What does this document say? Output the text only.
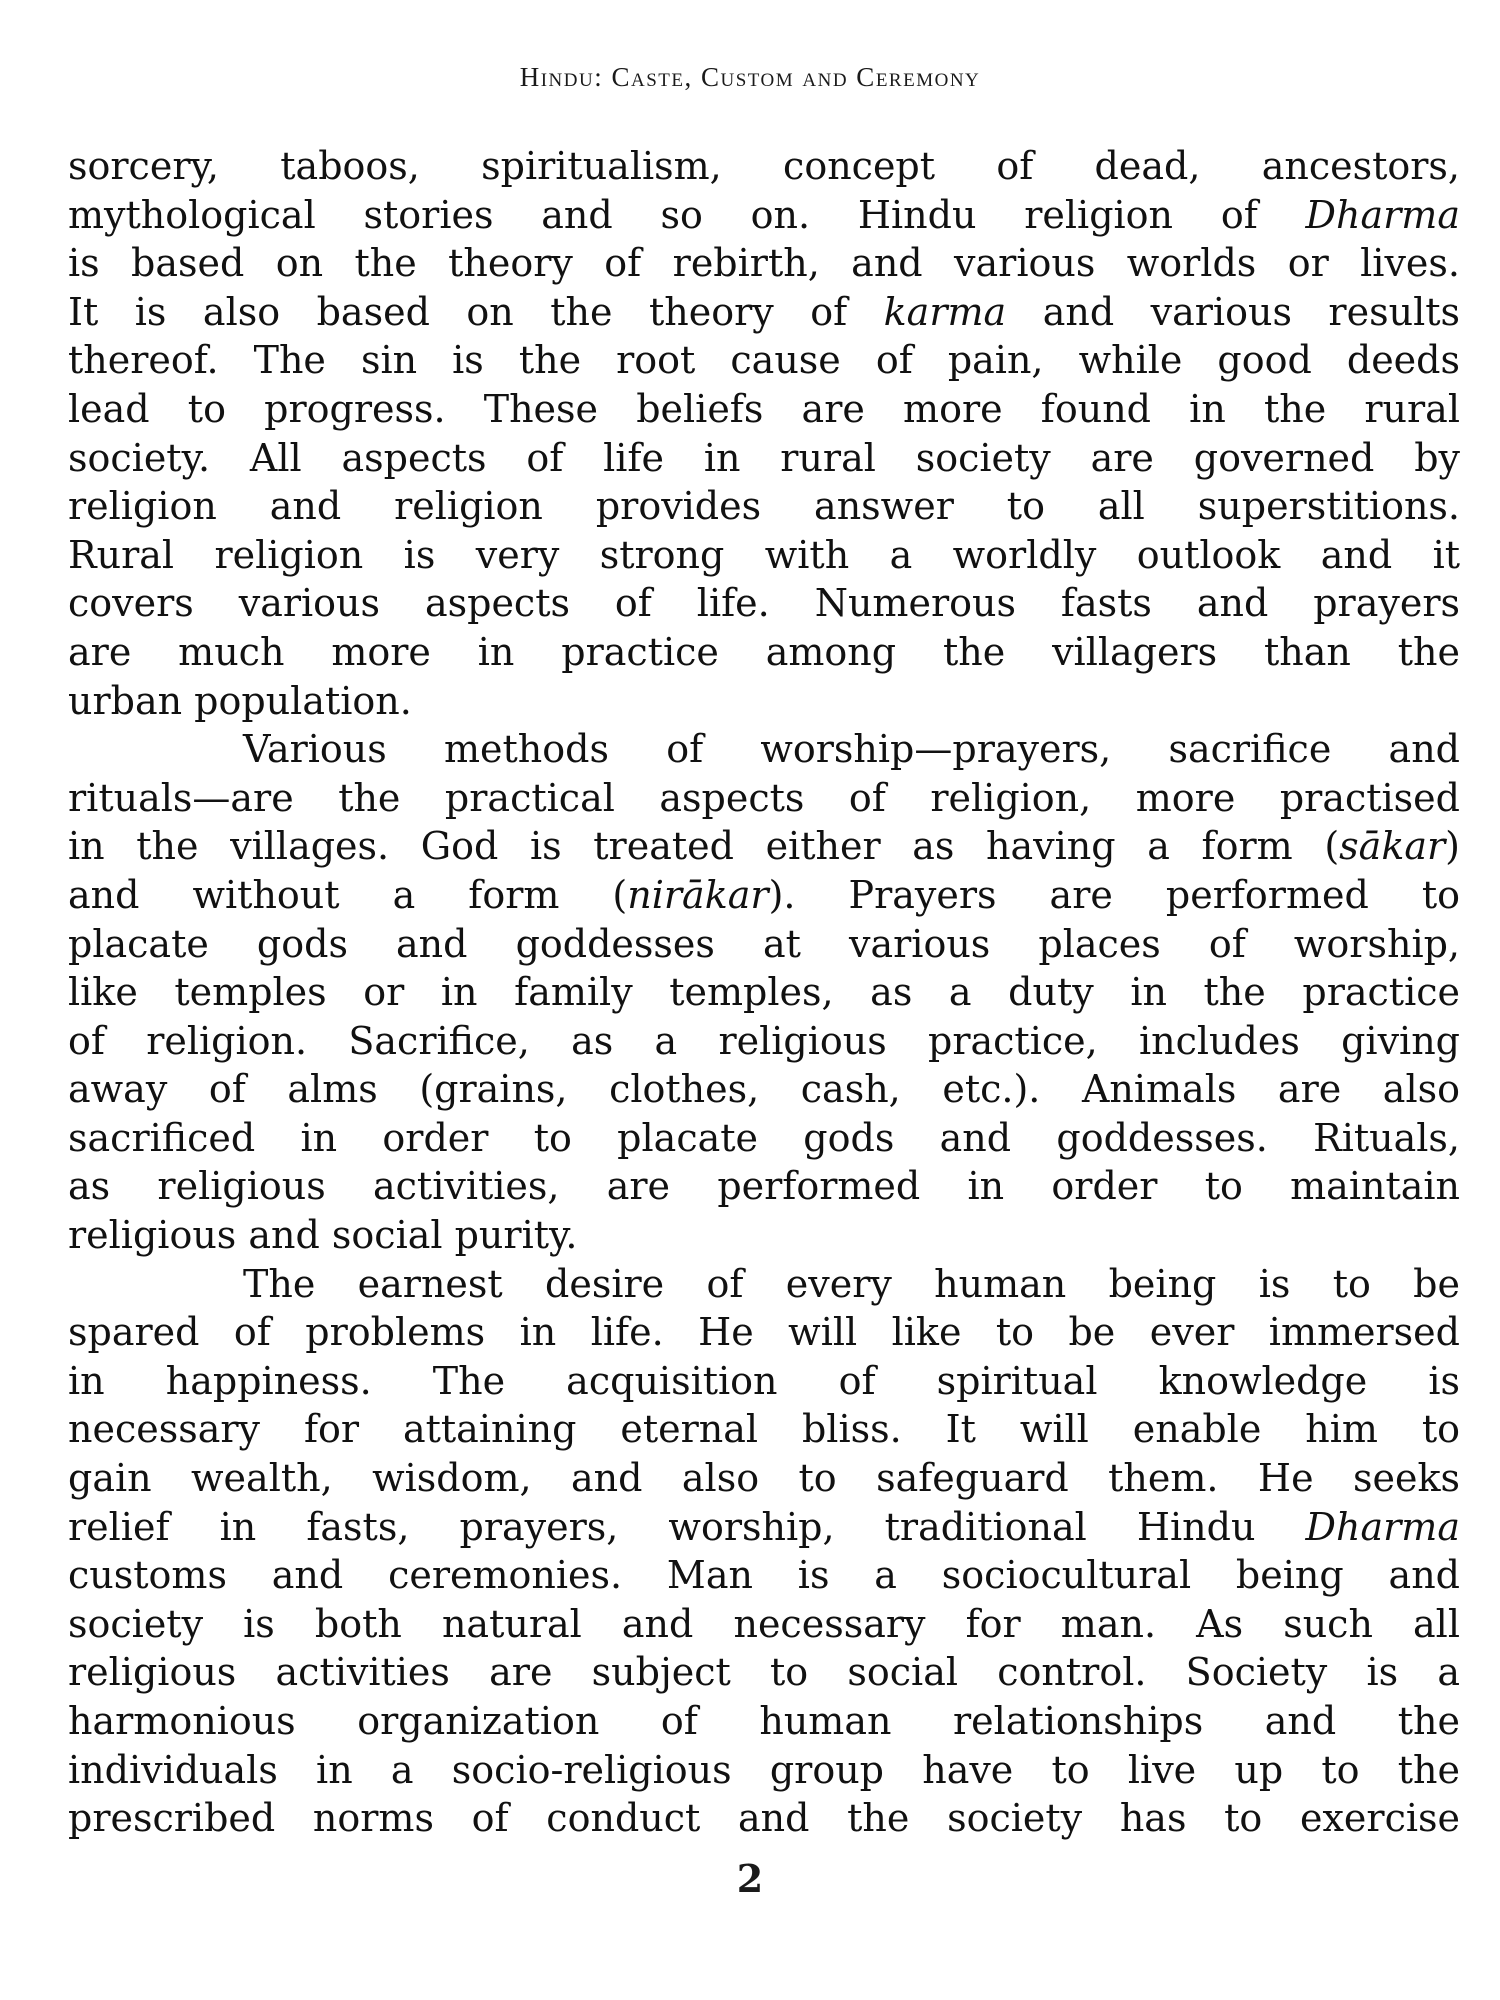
Hindu: Caste, Custom and Ceremony
sorcery, taboos, spiritualism, concept of dead, ancestors,
mythological stories and so on. Hindu religion of Dharma
is based on the theory of rebirth, and various worlds or lives.
It is also based on the theory of karma and various results
thereof. The sin is the root cause of pain, while good deeds
lead to progress. These beliefs are more found in the rural
society. All aspects of life in rural society are governed by
religion and religion provides answer to all superstitions.
Rural religion is very strong with a worldly outlook and it
covers various aspects of life. Numerous fasts and prayers
are much more in practice among the villagers than the
urban population.
Various methods of worship—prayers, sacrifice and
rituals—are the practical aspects of religion, more practised
in the villages. God is treated either as having a form (sākar)
and without a form (nirākar). Prayers are performed to
placate gods and goddesses at various places of worship,
like temples or in family temples, as a duty in the practice
of religion. Sacrifice, as a religious practice, includes giving
away of alms (grains, clothes, cash, etc.). Animals are also
sacrificed in order to placate gods and goddesses. Rituals,
as religious activities, are performed in order to maintain
religious and social purity.
The earnest desire of every human being is to be
spared of problems in life. He will like to be ever immersed
in happiness. The acquisition of spiritual knowledge is
necessary for attaining eternal bliss. It will enable him to
gain wealth, wisdom, and also to safeguard them. He seeks
relief in fasts, prayers, worship, traditional Hindu Dharma
customs and ceremonies. Man is a sociocultural being and
society is both natural and necessary for man. As such all
religious activities are subject to social control. Society is a
harmonious organization of human relationships and the
individuals in a socio-religious group have to live up to the
prescribed norms of conduct and the society has to exercise
2
